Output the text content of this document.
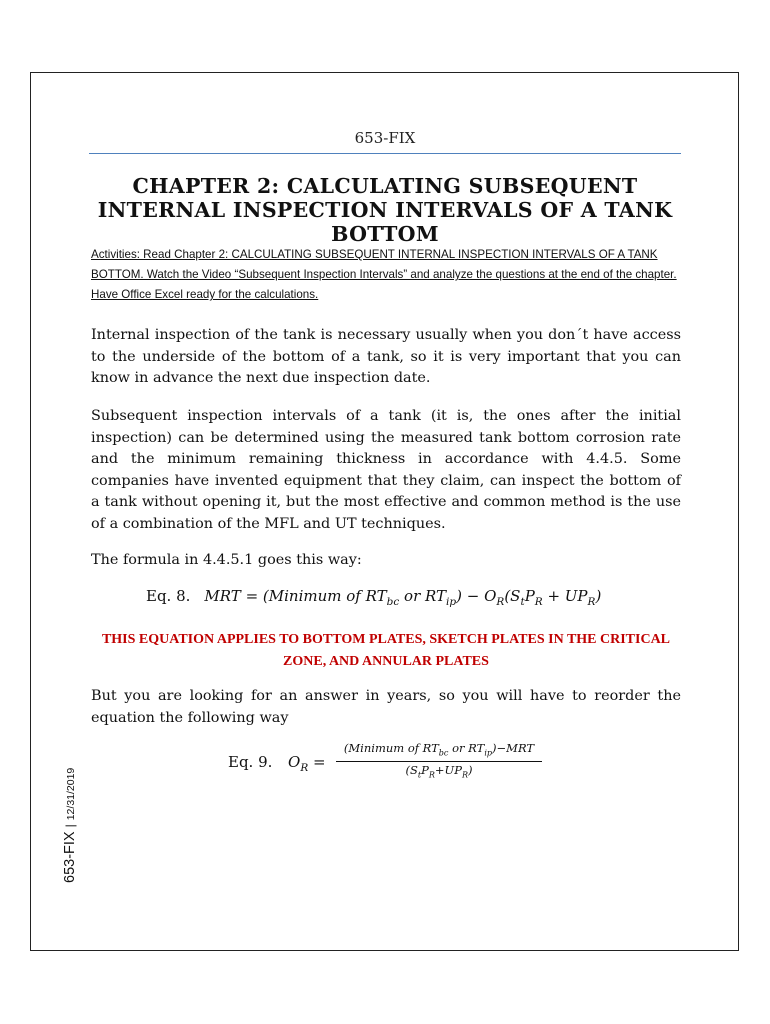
653-FIX
CHAPTER 2: CALCULATING SUBSEQUENT INTERNAL INSPECTION INTERVALS OF A TANK BOTTOM
Activities: Read Chapter 2: CALCULATING SUBSEQUENT INTERNAL INSPECTION INTERVALS OF A TANK BOTTOM. Watch the Video “Subsequent Inspection Intervals” and analyze the questions at the end of the chapter. Have Office Excel ready for the calculations.

Internal inspection of the tank is necessary usually when you don´t have access to the underside of the bottom of a tank, so it is very important that you can know in advance the next due inspection date.

Subsequent inspection intervals of a tank (it is, the ones after the initial inspection) can be determined using the measured tank bottom corrosion rate and the minimum remaining thickness in accordance with 4.4.5. Some companies have invented equipment that they claim, can inspect the bottom of a tank without opening it, but the most effective and common method is the use of a combination of the MFL and UT techniques.

The formula in 4.4.5.1 goes this way:

Eq. 8. MRT = (Minimum of $RT_{bc}$ or $RT_{ip}) - O_R(S_tP_R + UP_R)$
THIS EQUATION APPLIES TO BOTTOM PLATES, SKETCH PLATES IN THE CRITICAL ZONE, AND ANNULAR PLATES

But you are looking for an answer in years, so you will have to reorder the equation the following way

Eq. 9. $O_R$ =
(Minimum of $RT_{bc}$ or $RT_{ip})-MRT$
$(S_tP_R+UP_R)$
653-FIX|12/31/2019
